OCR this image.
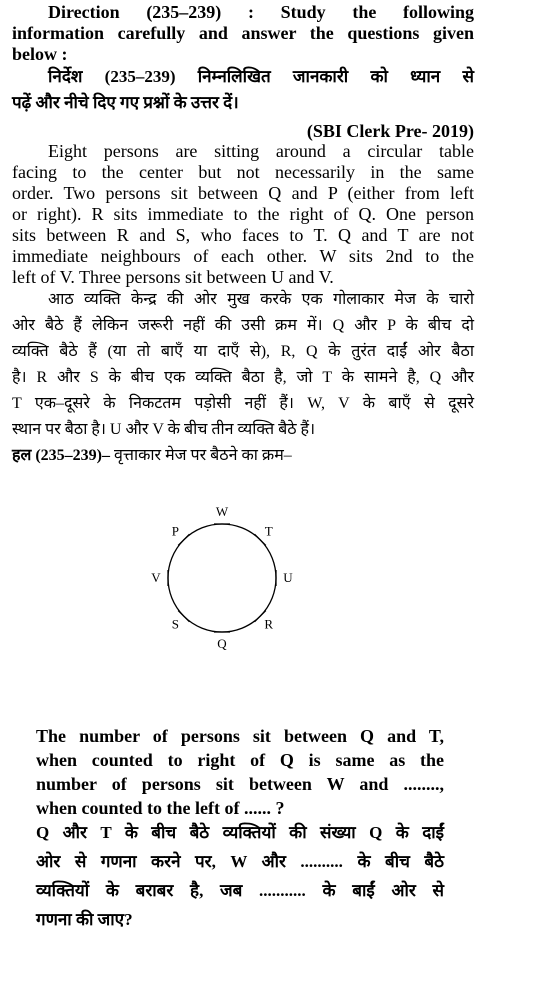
Direction (235–239) : Study the following
information carefully and answer the questions given
below :
निर्देश (235–239) निम्नलिखित जानकारी को ध्यान से
पढ़ें और नीचे दिए गए प्रश्नों के उत्तर दें।
(SBI Clerk Pre- 2019)
Eight persons are sitting around a circular table
facing to the center but not necessarily in the same
order. Two persons sit between Q and P (either from left
or right). R sits immediate to the right of Q. One person
sits between R and S, who faces to T. Q and T are not
immediate neighbours of each other. W sits 2nd to the
left of V. Three persons sit between U and V.
आठ व्यक्ति केन्द्र की ओर मुख करके एक गोलाकार मेज के चारो
ओर बैठे हैं लेकिन जरूरी नहीं की उसी क्रम में। Q और P के बीच दो
व्यक्ति बैठे हैं (या तो बाएँ या दाएँ से), R, Q के तुरंत दाईं ओर बैठा
है। R और S के बीच एक व्यक्ति बैठा है, जो T के सामने है, Q और
T एक–दूसरे के निकटतम पड़ोसी नहीं हैं। W, V के बाएँ से दूसरे
स्थान पर बैठा है। U और V के बीच तीन व्यक्ति बैठे हैं।
हल (235–239)– वृत्ताकार मेज पर बैठने का क्रम–
W
T
U
R
Q
S
V
P
The number of persons sit between Q and T,
when counted to right of Q is same as the
number of persons sit between W and ........,
when counted to the left of ...... ?
Q और T के बीच बैठे व्यक्तियों की संख्या Q के दाईं
ओर से गणना करने पर, W और .......... के बीच बैठे
व्यक्तियों के बराबर है, जब ........... के बाईं ओर से
गणना की जाए?
